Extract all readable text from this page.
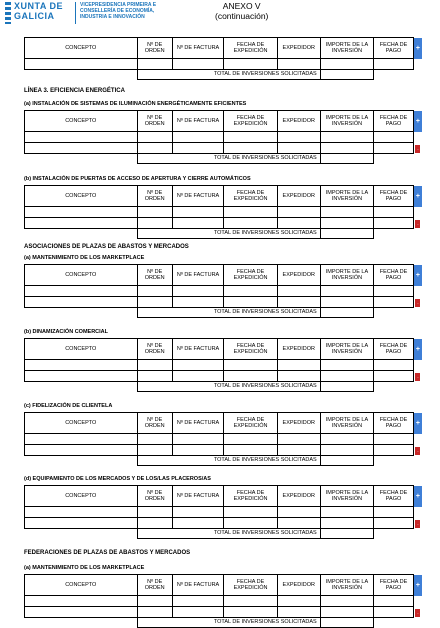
XUNTA DE GALICIA
VICEPRESIDENCIA PRIMEIRA E CONSELLERÍA DE ECONOMÍA, INDUSTRIA E INNOVACIÓN
ANEXO V
(continuación)
CONCEPTO	Nº DE ORDEN	Nº DE FACTURA	FECHA DE EXPEDICIÓN	EXPEDIDOR	IMPORTE DE LA INVERSIÓN	FECHA DE PAGO	+

	TOTAL DE INVERSIONES SOLICITADAS						
LÍNEA 3. EFICIENCIA ENERGÉTICA
(a) INSTALACIÓN DE SISTEMAS DE ILUMINACIÓN ENERGÉTICAMENTE EFICIENTES
CONCEPTO	Nº DE ORDEN	Nº DE FACTURA	FECHA DE EXPEDICIÓN	EXPEDIDOR	IMPORTE DE LA INVERSIÓN	FECHA DE PAGO	+

							-

	TOTAL DE INVERSIONES SOLICITADAS						
(b) INSTALACIÓN DE PUERTAS DE ACCESO DE APERTURA Y CIERRE AUTOMÁTICOS
CONCEPTO	Nº DE ORDEN	Nº DE FACTURA	FECHA DE EXPEDICIÓN	EXPEDIDOR	IMPORTE DE LA INVERSIÓN	FECHA DE PAGO	+

							-

	TOTAL DE INVERSIONES SOLICITADAS						
ASOCIACIONES DE PLAZAS DE ABASTOS Y MERCADOS
(a) MANTENIMIENTO DE LOS MARKETPLACE
CONCEPTO	Nº DE ORDEN	Nº DE FACTURA	FECHA DE EXPEDICIÓN	EXPEDIDOR	IMPORTE DE LA INVERSIÓN	FECHA DE PAGO	+

							-

	TOTAL DE INVERSIONES SOLICITADAS						
(b) DINAMIZACIÓN COMERCIAL
CONCEPTO	Nº DE ORDEN	Nº DE FACTURA	FECHA DE EXPEDICIÓN	EXPEDIDOR	IMPORTE DE LA INVERSIÓN	FECHA DE PAGO	+

							-

	TOTAL DE INVERSIONES SOLICITADAS						
(c) FIDELIZACIÓN DE CLIENTELA
CONCEPTO	Nº DE ORDEN	Nº DE FACTURA	FECHA DE EXPEDICIÓN	EXPEDIDOR	IMPORTE DE LA INVERSIÓN	FECHA DE PAGO	+

							-

	TOTAL DE INVERSIONES SOLICITADAS						
(d) EQUIPAMIENTO DE LOS MERCADOS Y DE LOS/LAS PLACEROS/AS
CONCEPTO	Nº DE ORDEN	Nº DE FACTURA	FECHA DE EXPEDICIÓN	EXPEDIDOR	IMPORTE DE LA INVERSIÓN	FECHA DE PAGO	+

							-

	TOTAL DE INVERSIONES SOLICITADAS						
FEDERACIONES DE PLAZAS DE ABASTOS Y MERCADOS
(a) MANTENIMIENTO DE LOS MARKETPLACE
CONCEPTO	Nº DE ORDEN	Nº DE FACTURA	FECHA DE EXPEDICIÓN	EXPEDIDOR	IMPORTE DE LA INVERSIÓN	FECHA DE PAGO	+

							-

	TOTAL DE INVERSIONES SOLICITADAS						
